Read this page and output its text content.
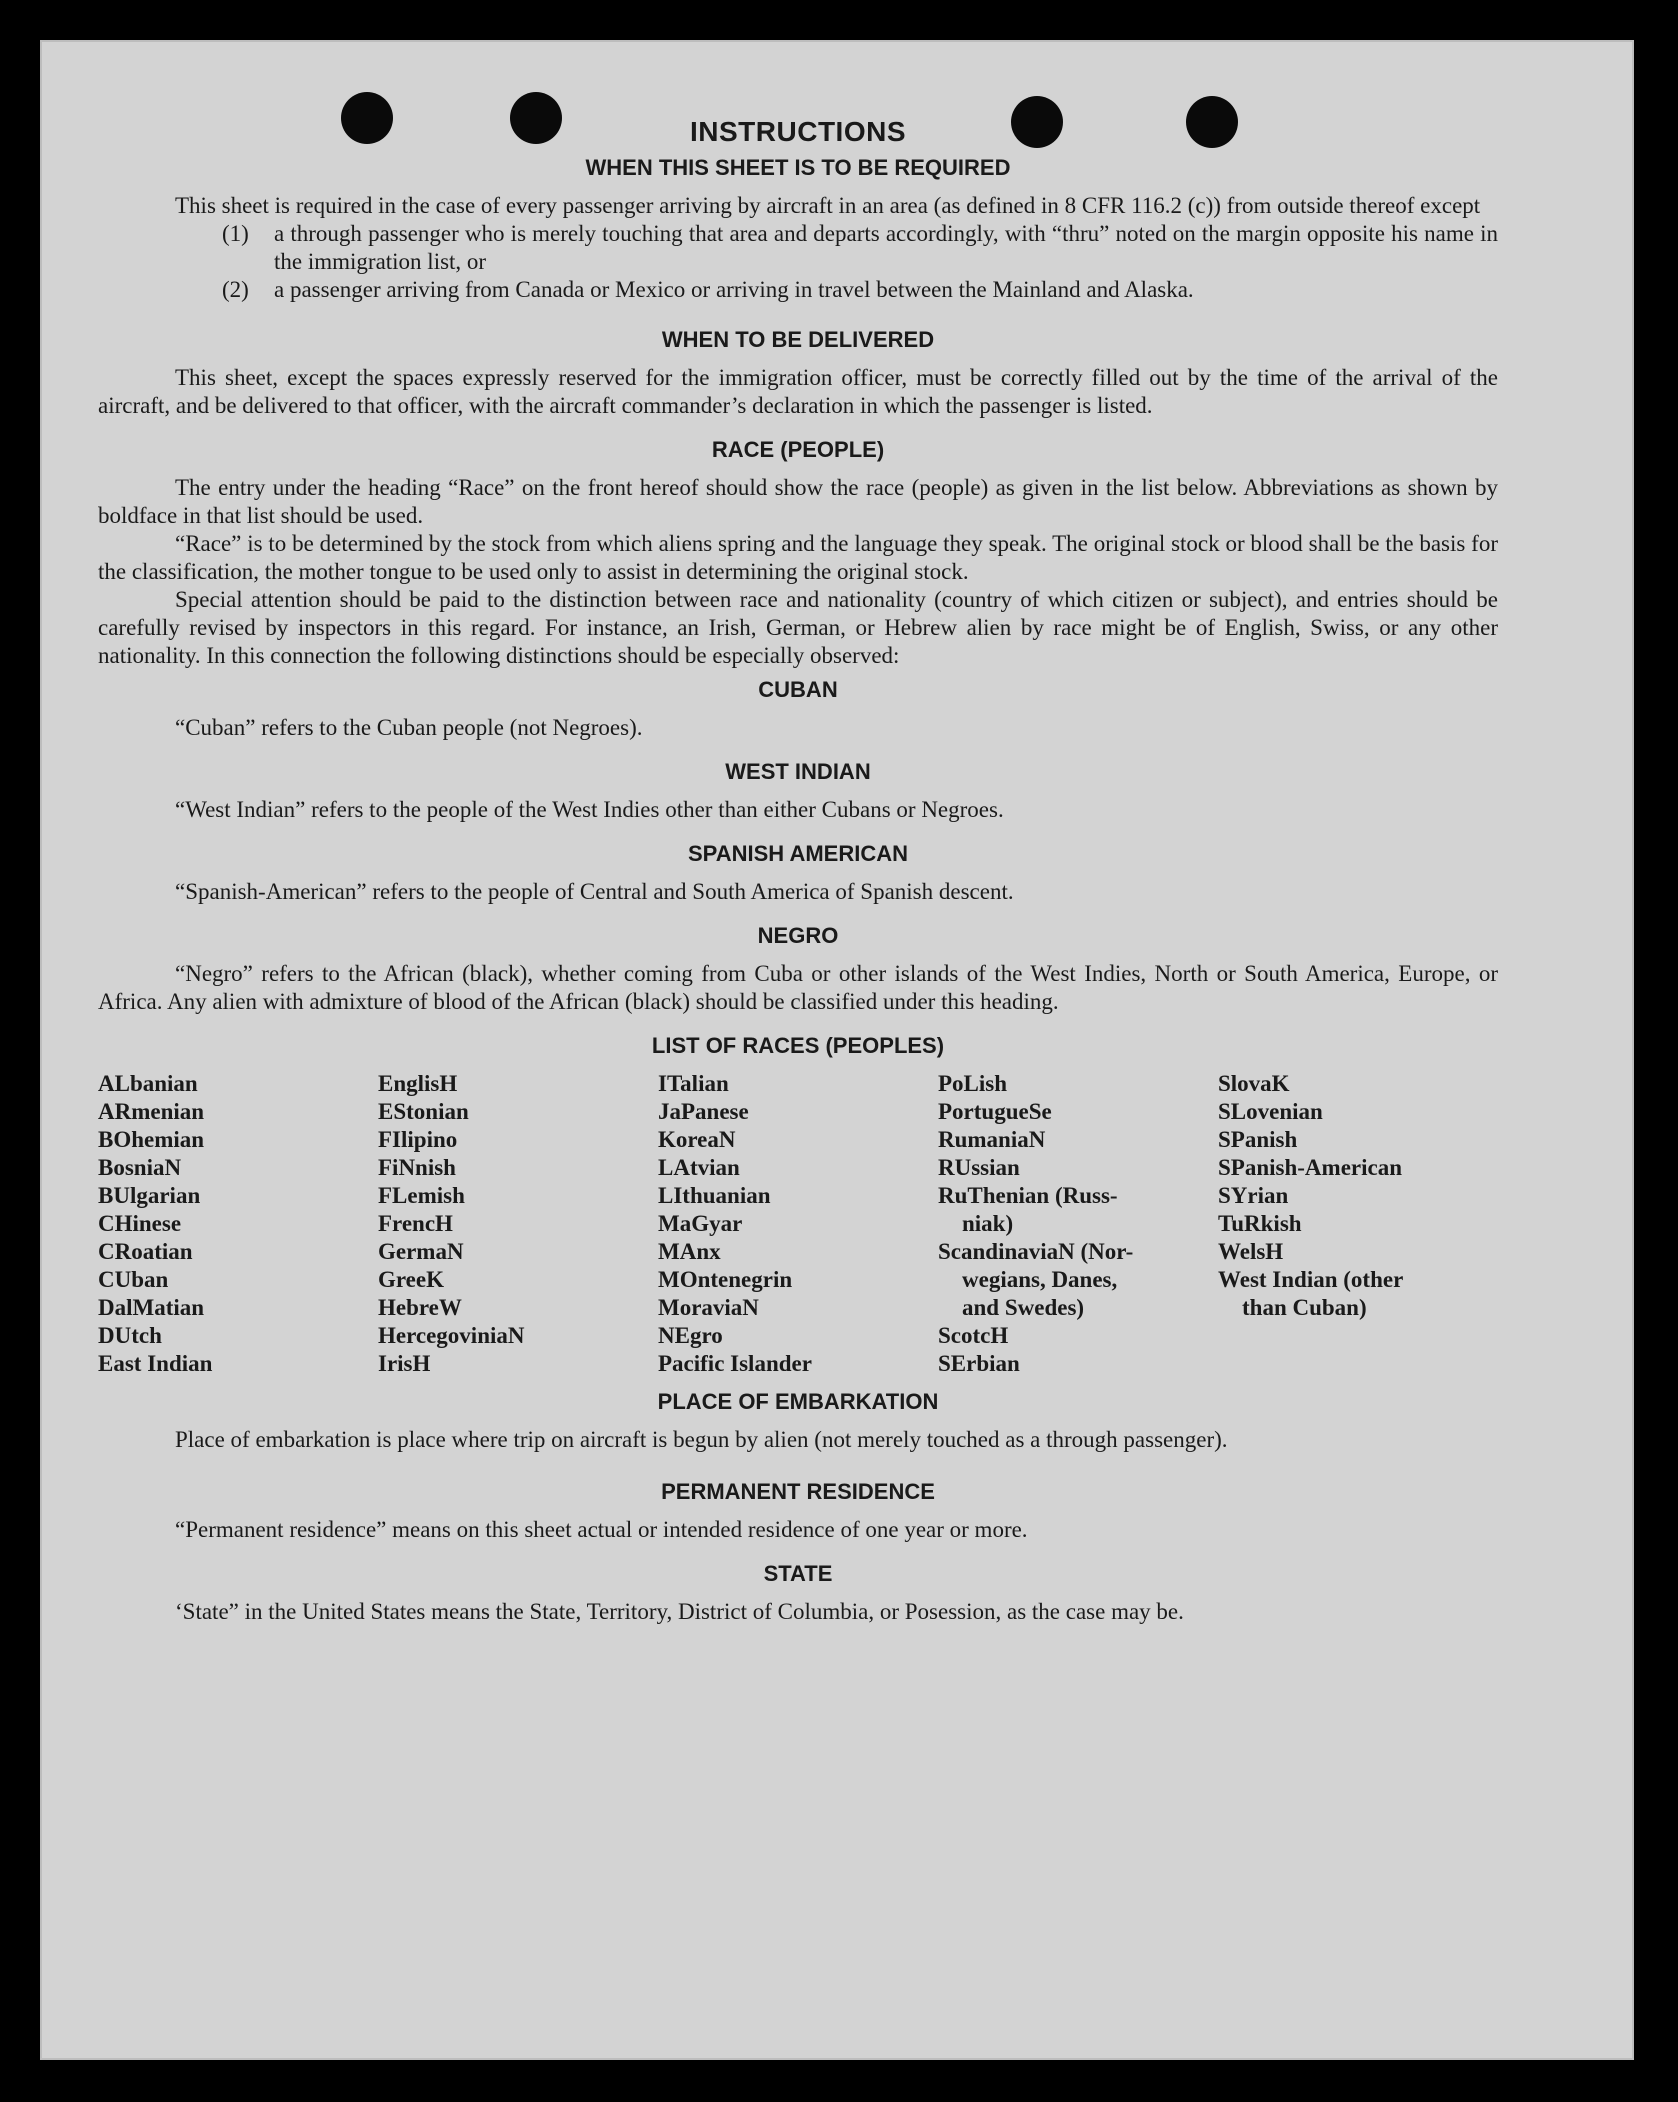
INSTRUCTIONS
WHEN THIS SHEET IS TO BE REQUIRED

This sheet is required in the case of every passenger arriving by aircraft in an area (as defined in 8 CFR 116.2 (c)) from outside thereof except

(1)	a through passenger who is merely touching that area and departs accordingly, with “thru” noted on the margin opposite his name in the immigration list, or
(2)	a passenger arriving from Canada or Mexico or arriving in travel between the Mainland and Alaska.
WHEN TO BE DELIVERED

This sheet, except the spaces expressly reserved for the immigration officer, must be correctly filled out by the time of the arrival of the aircraft, and be delivered to that officer, with the aircraft commander’s declaration in which the passenger is listed.

RACE (PEOPLE)

The entry under the heading “Race” on the front hereof should show the race (people) as given in the list below. Abbreviations as shown by boldface in that list should be used.

“Race” is to be determined by the stock from which aliens spring and the language they speak. The original stock or blood shall be the basis for the classification, the mother tongue to be used only to assist in determining the original stock.

Special attention should be paid to the distinction between race and nationality (country of which citizen or subject), and entries should be carefully revised by inspectors in this regard. For instance, an Irish, German, or Hebrew alien by race might be of English, Swiss, or any other nationality. In this connection the following distinctions should be especially observed:

CUBAN

“Cuban” refers to the Cuban people (not Negroes).

WEST INDIAN

“West Indian” refers to the people of the West Indies other than either Cubans or Negroes.

SPANISH AMERICAN

“Spanish-American” refers to the people of Central and South America of Spanish descent.

NEGRO

“Negro” refers to the African (black), whether coming from Cuba or other islands of the West Indies, North or South America, Europe, or Africa. Any alien with admixture of blood of the African (black) should be classified under this heading.

LIST OF RACES (PEOPLES)
ALbanian
ARmenian
BOhemian
BosniaN
BUlgarian
CHinese
CRoatian
CUban
DalMatian
DUtch
East Indian
EnglisH
EStonian
FIlipino
FiNnish
FLemish
FrencH
GermaN
GreeK
HebreW
HercegoviniaN
IrisH
ITalian
JaPanese
KoreaN
LAtvian
LIthuanian
MaGyar
MAnx
MOntenegrin
MoraviaN
NEgro
Pacific Islander
PoLish
PortugueSe
RumaniaN
RUssian
RuThenian (Russ-
niak)
ScandinaviaN (Nor-
wegians, Danes,
and Swedes)
ScotcH
SErbian
SlovaK
SLovenian
SPanish
SPanish-American
SYrian
TuRkish
WelsH
West Indian (other
than Cuban)
PLACE OF EMBARKATION

Place of embarkation is place where trip on aircraft is begun by alien (not merely touched as a through passenger).

PERMANENT RESIDENCE

“Permanent residence” means on this sheet actual or intended residence of one year or more.

STATE

‘State” in the United States means the State, Territory, District of Columbia, or Posession, as the case may be.
